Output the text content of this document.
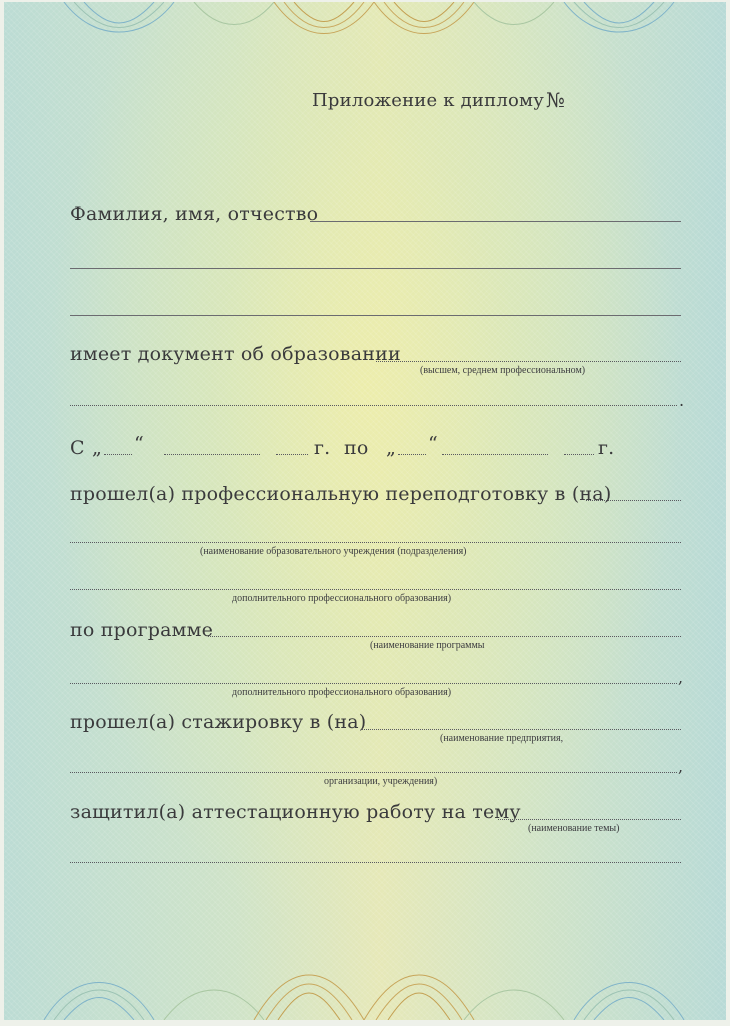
Приложение к диплому №
Фамилия, имя, отчество
имеет документ об образовании
(высшем, среднем профессиональном)
.
С „ “	г. по „ “	г.
прошел(а) профессиональную переподготовку в (на)
(наименование образовательного учреждения (подразделения)
дополнительного профессионального образования)
по программе
(наименование программы
,
дополнительного профессионального образования)
прошел(а) стажировку в (на)
(наименование предприятия,
,
организации, учреждения)
защитил(а) аттестационную работу на тему
(наименование темы)
